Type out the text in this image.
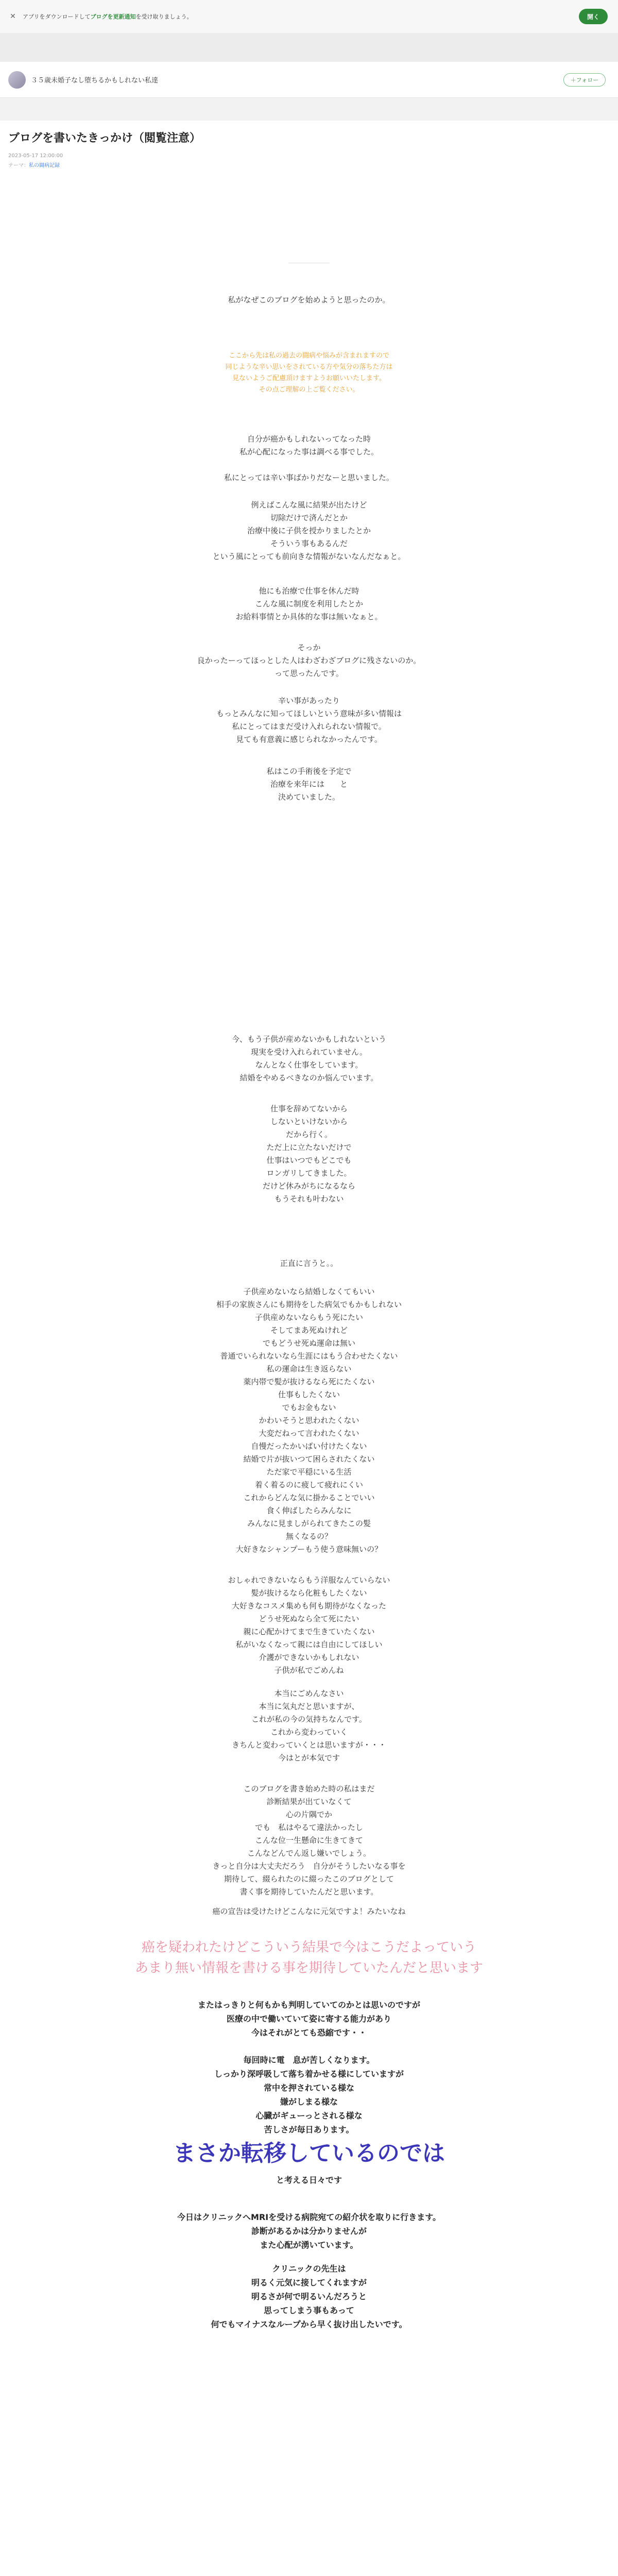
✕ アプリをダウンロードしてブログを更新通知を受け取りましょう。	開く
３５歳未婚子なし堕ちるかもしれない私達	＋フォロー
ブログを書いたきっかけ（閲覧注意）
2023-05-17 12:00:00
テーマ：私の闘病記録
私がなぜこのブログを始めようと思ったのか。
ここから先は私の過去の闘病や悩みが含まれますので
同じような辛い思いをされている方や気分の落ちた方は
見ないようご配慮頂けますようお願いいたします。
その点ご理解の上ご覧ください。
自分が癌かもしれないってなった時
私が心配になった事は調べる事でした。
私にとっては辛い事ばかりだなーと思いました。
例えばこんな風に結果が出たけど
切除だけで済んだとか
治療中後に子供を授かりましたとか
そういう事もあるんだ
という風にとっても前向きな情報がないなんだなぁと。
他にも治療で仕事を休んだ時
こんな風に制度を利用したとか
お給料事情とか具体的な事は無いなぁと。
そっか
良かったーってほっとした人はわざわざブログに残さないのか。
って思ったんです。
辛い事があったり
もっとみんなに知ってほしいという意味が多い情報は
私にとってはまだ受け入れられない情報で。
見ても有意義に感じられなかったんです。
私はこの手術後を予定で
治療を来年には　　と
決めていました。
今、もう子供が産めないかもしれないという
現実を受け入れられていません。
なんとなく仕事をしています。
結婚をやめるべきなのか悩んでいます。
仕事を辞めてないから
しないといけないから
だから行く。
ただ上に立たないだけで
仕事はいつでもどこでも
ロンガリしてきました。
だけど休みがちになるなら
もうそれも叶わない
正直に言うと。。
子供産めないなら結婚しなくてもいい
相手の家族さんにも期待をした病気でもかもしれない
子供産めないならもう死にたい
そしてまあ死ぬけれど
でもどうせ死ぬ運命は無い
普通でいられないなら生涯にはもう合わせたくない
私の運命は生き返らない
薬内帯で髪が抜けるなら死にたくない
仕事もしたくない
でもお金もない
かわいそうと思われたくない
大変だねって言われたくない
自慢だったかいばい付けたくない
結婚で片が抜いつて困らされたくない
ただ家で平穏にいる生活
着く着るのに疲して疲れにくい
これからどんな気に掛かることでいい
食く伸ばしたらみんなに
みんなに見ましがられてきたこの髪
無くなるの？
大好きなシャンプーもう使う意味無いの？
おしゃれできないならもう洋服なんていらない
髪が抜けるなら化粧もしたくない
大好きなコスメ集めも何も期待がなくなった
どうせ死ぬなら全て死にたい
親に心配かけてまで生きていたくない
私がいなくなって親には自由にしてほしい
介護ができないかもしれない
子供が私でごめんね
本当にごめんなさい
本当に気丸だと思いますが、
これが私の今の気持ちなんです。
これから変わっていく
きちんと変わっていくとは思いますが・・・
今はとが本気です
このブログを書き始めた時の私はまだ
診断結果が出ていなくて
心の片隅でか
でも　私はやるて違法かったし
こんな位一生懸命に生きてきて
こんなどんでん返し嫌いでしょう。
きっと自分は大丈夫だろう　自分がそうしたいなる事を
期待して、綴られたのに綴ったこのブログとして
書く事を期待していたんだと思います。
癌の宣告は受けたけどこんなに元気ですよ！みたいなね
癌を疑われたけどこういう結果で今はこうだよっていう
あまり無い情報を書ける事を期待していたんだと思います
またはっきりと何もかも判明していてのかとは思いのですが
医療の中で働いていて姿に寄する能力があり
今はそれがとても恐縮です・・
毎回時に電　息が苦しくなります。
しっかり深呼吸して落ち着かせる様にしていますが
常中を押されている様な
嫌がしまる様な
心臓がギューっとされる様な
苦しさが毎日あります。
まさか転移しているのでは
と考える日々です
今日はクリニックへMRIを受ける病院宛ての紹介状を取りに行きます。
診断があるかは分かりませんが
また心配が湧いています。
クリニックの先生は
明るく元気に接してくれますが
明るさが何で明るいんだろうと
思ってしまう事もあって
何でもマイナスなループから早く抜け出したいです。
